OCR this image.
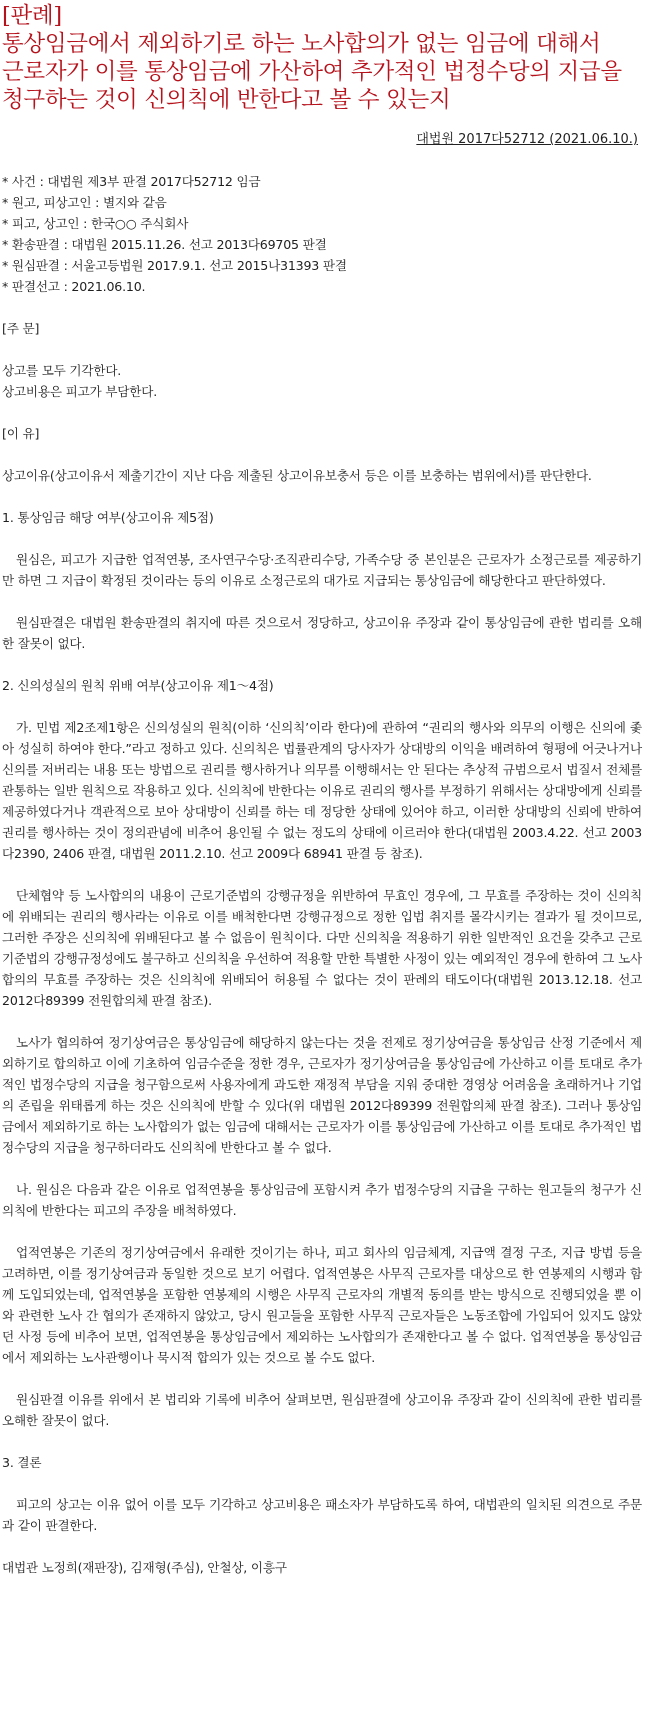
[판례]
통상임금에서 제외하기로 하는 노사합의가 없는 임금에 대해서
근로자가 이를 통상임금에 가산하여 추가적인 법정수당의 지급을
청구하는 것이 신의칙에 반한다고 볼 수 있는지
대법원 2017다52712 (2021.06.10.)
* 사건 : 대법원 제3부 판결 2017다52712 임금
* 원고, 피상고인 : 별지와 같음
* 피고, 상고인 : 한국○○ 주식회사
* 환송판결 : 대법원 2015.11.26. 선고 2013다69705 판결
* 원심판결 : 서울고등법원 2017.9.1. 선고 2015나31393 판결
* 판결선고 : 2021.06.10.
[주 문]
상고를 모두 기각한다.
상고비용은 피고가 부담한다.
[이 유]
상고이유(상고이유서 제출기간이 지난 다음 제출된 상고이유보충서 등은 이를 보충하는 범위에서)를 판단한다.
1. 통상임금 해당 여부(상고이유 제5점)
원심은, 피고가 지급한 업적연봉, 조사연구수당·조직관리수당, 가족수당 중 본인분은 근로자가 소정근로를 제공하기만 하면 그 지급이 확정된 것이라는 등의 이유로 소정근로의 대가로 지급되는 통상임금에 해당한다고 판단하였다.
원심판결은 대법원 환송판결의 취지에 따른 것으로서 정당하고, 상고이유 주장과 같이 통상임금에 관한 법리를 오해한 잘못이 없다.
2. 신의성실의 원칙 위배 여부(상고이유 제1～4점)
가. 민법 제2조제1항은 신의성실의 원칙(이하 ‘신의칙’이라 한다)에 관하여 “권리의 행사와 의무의 이행은 신의에 좇아 성실히 하여야 한다.”라고 정하고 있다. 신의칙은 법률관계의 당사자가 상대방의 이익을 배려하여 형평에 어긋나거나 신의를 저버리는 내용 또는 방법으로 권리를 행사하거나 의무를 이행해서는 안 된다는 추상적 규범으로서 법질서 전체를 관통하는 일반 원칙으로 작용하고 있다. 신의칙에 반한다는 이유로 권리의 행사를 부정하기 위해서는 상대방에게 신뢰를 제공하였다거나 객관적으로 보아 상대방이 신뢰를 하는 데 정당한 상태에 있어야 하고, 이러한 상대방의 신뢰에 반하여 권리를 행사하는 것이 정의관념에 비추어 용인될 수 없는 정도의 상태에 이르러야 한다(대법원 2003.4.22. 선고 2003다2390, 2406 판결, 대법원 2011.2.10. 선고 2009다 68941 판결 등 참조).
단체협약 등 노사합의의 내용이 근로기준법의 강행규정을 위반하여 무효인 경우에, 그 무효를 주장하는 것이 신의칙에 위배되는 권리의 행사라는 이유로 이를 배척한다면 강행규정으로 정한 입법 취지를 몰각시키는 결과가 될 것이므로, 그러한 주장은 신의칙에 위배된다고 볼 수 없음이 원칙이다. 다만 신의칙을 적용하기 위한 일반적인 요건을 갖추고 근로기준법의 강행규정성에도 불구하고 신의칙을 우선하여 적용할 만한 특별한 사정이 있는 예외적인 경우에 한하여 그 노사합의의 무효를 주장하는 것은 신의칙에 위배되어 허용될 수 없다는 것이 판례의 태도이다(대법원 2013.12.18. 선고 2012다89399 전원합의체 판결 참조).
노사가 협의하여 정기상여금은 통상임금에 해당하지 않는다는 것을 전제로 정기상여금을 통상임금 산정 기준에서 제외하기로 합의하고 이에 기초하여 임금수준을 정한 경우, 근로자가 정기상여금을 통상임금에 가산하고 이를 토대로 추가적인 법정수당의 지급을 청구함으로써 사용자에게 과도한 재정적 부담을 지워 중대한 경영상 어려움을 초래하거나 기업의 존립을 위태롭게 하는 것은 신의칙에 반할 수 있다(위 대법원 2012다89399 전원합의체 판결 참조). 그러나 통상임금에서 제외하기로 하는 노사합의가 없는 임금에 대해서는 근로자가 이를 통상임금에 가산하고 이를 토대로 추가적인 법정수당의 지급을 청구하더라도 신의칙에 반한다고 볼 수 없다.
나. 원심은 다음과 같은 이유로 업적연봉을 통상임금에 포함시켜 추가 법정수당의 지급을 구하는 원고들의 청구가 신의칙에 반한다는 피고의 주장을 배척하였다.
업적연봉은 기존의 정기상여금에서 유래한 것이기는 하나, 피고 회사의 임금체계, 지급액 결정 구조, 지급 방법 등을 고려하면, 이를 정기상여금과 동일한 것으로 보기 어렵다. 업적연봉은 사무직 근로자를 대상으로 한 연봉제의 시행과 함께 도입되었는데, 업적연봉을 포함한 연봉제의 시행은 사무직 근로자의 개별적 동의를 받는 방식으로 진행되었을 뿐 이와 관련한 노사 간 협의가 존재하지 않았고, 당시 원고들을 포함한 사무직 근로자들은 노동조합에 가입되어 있지도 않았던 사정 등에 비추어 보면, 업적연봉을 통상임금에서 제외하는 노사합의가 존재한다고 볼 수 없다. 업적연봉을 통상임금에서 제외하는 노사관행이나 묵시적 합의가 있는 것으로 볼 수도 없다.
원심판결 이유를 위에서 본 법리와 기록에 비추어 살펴보면, 원심판결에 상고이유 주장과 같이 신의칙에 관한 법리를 오해한 잘못이 없다.
3. 결론
피고의 상고는 이유 없어 이를 모두 기각하고 상고비용은 패소자가 부담하도록 하여, 대법관의 일치된 의견으로 주문과 같이 판결한다.
대법관 노정희(재판장), 김재형(주심), 안철상, 이흥구
